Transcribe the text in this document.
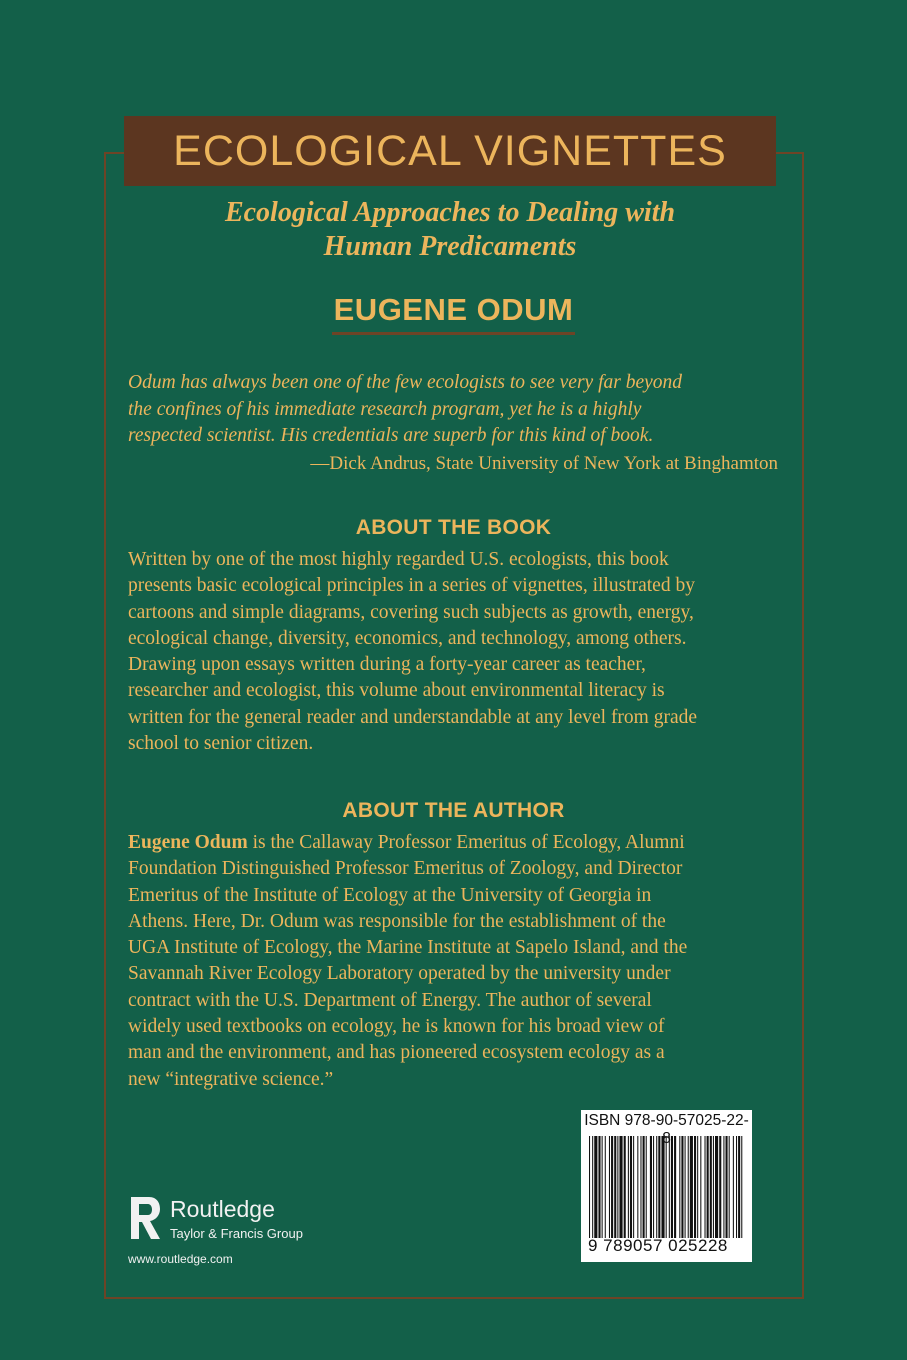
ECOLOGICAL VIGNETTES
Ecological Approaches to Dealing with
Human Predicaments
EUGENE ODUM
Odum has always been one of the few ecologists to see very far beyond
the confines of his immediate research program, yet he is a highly
respected scientist. His credentials are superb for this kind of book.
—Dick Andrus, State University of New York at Binghamton
ABOUT THE BOOK
Written by one of the most highly regarded U.S. ecologists, this book
presents basic ecological principles in a series of vignettes, illustrated by
cartoons and simple diagrams, covering such subjects as growth, energy,
ecological change, diversity, economics, and technology, among others.
Drawing upon essays written during a forty-year career as teacher,
researcher and ecologist, this volume about environmental literacy is
written for the general reader and understandable at any level from grade
school to senior citizen.
ABOUT THE AUTHOR
Eugene Odum is the Callaway Professor Emeritus of Ecology, Alumni
Foundation Distinguished Professor Emeritus of Zoology, and Director
Emeritus of the Institute of Ecology at the University of Georgia in
Athens. Here, Dr. Odum was responsible for the establishment of the
UGA Institute of Ecology, the Marine Institute at Sapelo Island, and the
Savannah River Ecology Laboratory operated by the university under
contract with the U.S. Department of Energy. The author of several
widely used textbooks on ecology, he is known for his broad view of
man and the environment, and has pioneered ecosystem ecology as a
new “integrative science.”
ROUTLEDGE Routledge
Taylor & Francis Group
www.routledge.com
ISBN 978-90-57025-22-8
9 789057 025228
